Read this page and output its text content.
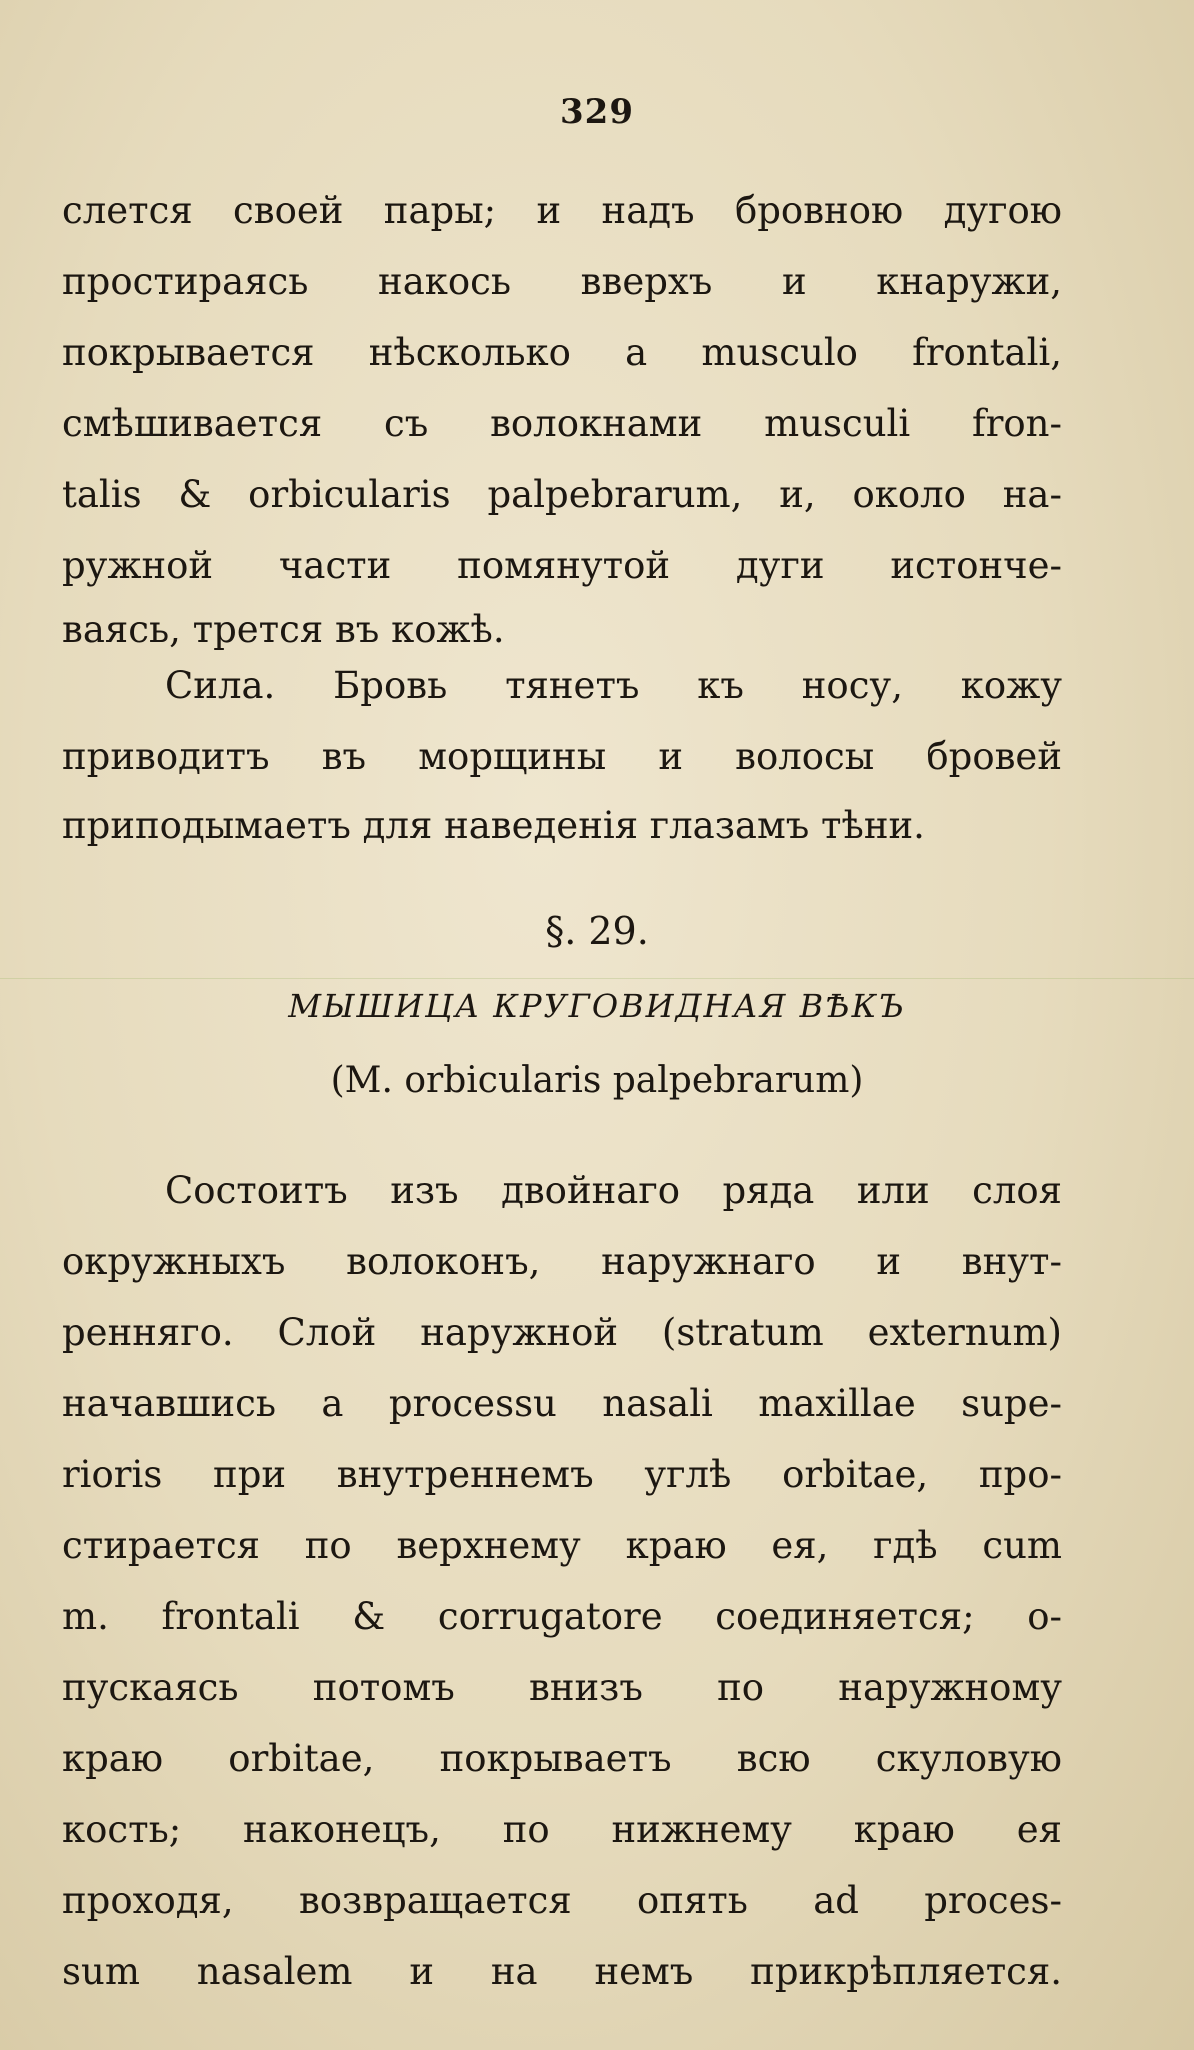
329
слется своей пары; и надъ бровною дугою
простираясь накось вверхъ и кнаружи,
покрывается нѣсколько a musculo frontali,
смѣшивается съ волокнами musculi fron-
talis & orbicularis palpebrarum, и, около на-
ружной части помянутой дуги истонче-
ваясь, трется въ кожѣ.
Сила. Бровь тянетъ къ носу, кожу
приводитъ въ морщины и волосы бровей
приподымаетъ для наведенія глазамъ тѣни.
§. 29.
МЫШИЦА КРУГОВИДНАЯ ВѢКЪ
(M. orbicularis palpebrarum)
Состоитъ изъ двойнаго ряда или слоя
окружныхъ волоконъ, наружнаго и внут-
ренняго. Слой наружной (stratum externum)
начавшись a processu nasali maxillae supe-
rioris при внутреннемъ углѣ orbitae, про-
стирается по верхнему краю ея, гдѣ cum
m. frontali & corrugatore соединяется; о-
пускаясь потомъ внизъ по наружному
краю orbitae, покрываетъ всю скуловую
кость; наконецъ, по нижнему краю ея
проходя, возвращается опять ad proces-
sum nasalem и на немъ прикрѣпляется.
